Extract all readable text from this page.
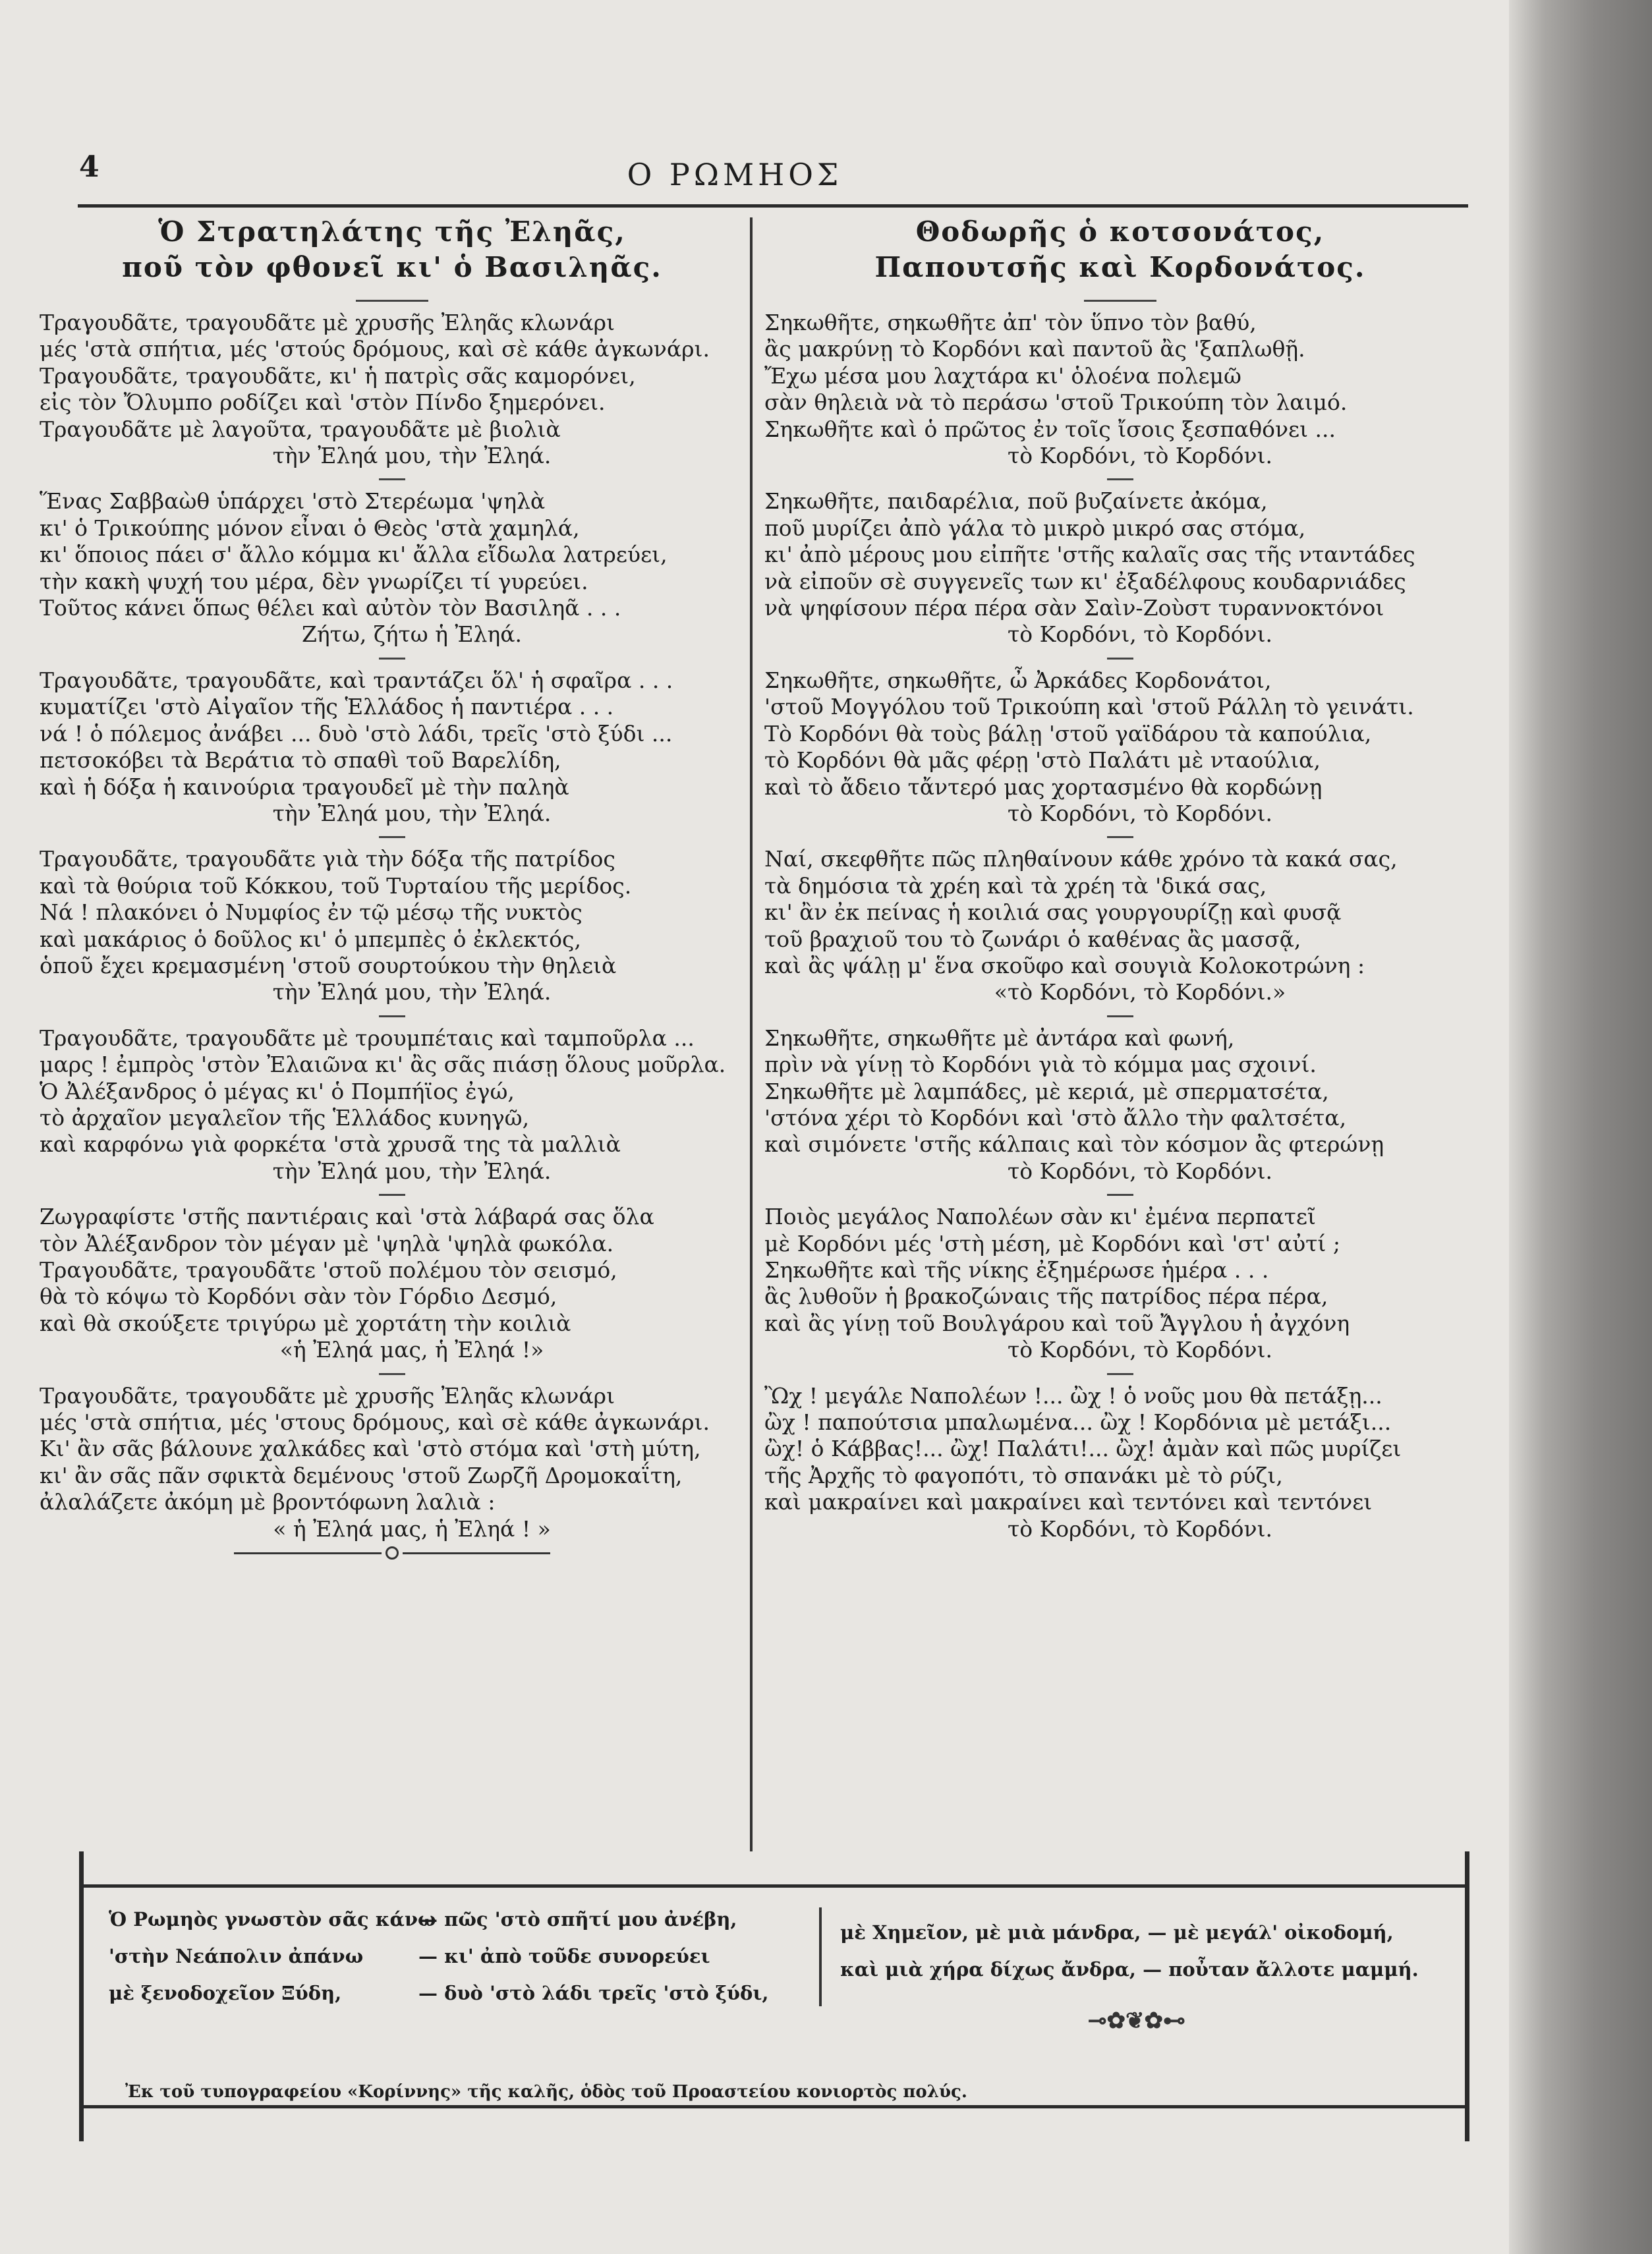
4	Ο ΡΩΜΗΟΣ
Ὁ Στρατηλάτης τῆς Ἐληᾶς,
ποῦ τὸν φθονεῖ κι' ὁ Βασιληᾶς.
Τραγουδᾶτε, τραγουδᾶτε μὲ χρυσῆς Ἐληᾶς κλωνάρι
μές 'στὰ σπήτια, μές 'στούς δρόμους, καὶ σὲ κάθε ἀγκωνάρι.
Τραγουδᾶτε, τραγουδᾶτε, κι' ἡ πατρὶς σᾶς καμορόνει,
εἰς τὸν Ὄλυμπο ροδίζει καὶ 'στὸν Πίνδο ξημερόνει.
Τραγουδᾶτε μὲ λαγοῦτα, τραγουδᾶτε μὲ βιολιὰ
τὴν Ἐληά μου, τὴν Ἐληά.
Ἕνας Σαββαὼθ ὑπάρχει 'στὸ Στερέωμα 'ψηλὰ
κι' ὁ Τρικούπης μόνον εἶναι ὁ Θεὸς 'στὰ χαμηλά,
κι' ὅποιος πάει σ' ἄλλο κόμμα κι' ἄλλα εἴδωλα λατρεύει,
τὴν κακὴ ψυχή του μέρα, δὲν γνωρίζει τί γυρεύει.
Τοῦτος κάνει ὅπως θέλει καὶ αὐτὸν τὸν Βασιληᾶ . . .
Ζήτω, ζήτω ἡ Ἐληά.
Τραγουδᾶτε, τραγουδᾶτε, καὶ τραντάζει ὅλ' ἡ σφαῖρα . . .
κυματίζει 'στὸ Αἰγαῖον τῆς Ἑλλάδος ἡ παντιέρα . . .
νά ! ὁ πόλεμος ἀνάβει ... δυὸ 'στὸ λάδι, τρεῖς 'στὸ ξύδι ...
πετσοκόβει τὰ Βεράτια τὸ σπαθὶ τοῦ Βαρελίδη,
καὶ ἡ δόξα ἡ καινούρια τραγουδεῖ μὲ τὴν παληὰ
τὴν Ἐληά μου, τὴν Ἐληά.
Τραγουδᾶτε, τραγουδᾶτε γιὰ τὴν δόξα τῆς πατρίδος
καὶ τὰ θούρια τοῦ Κόκκου, τοῦ Τυρταίου τῆς μερίδος.
Νά ! πλακόνει ὁ Νυμφίος ἐν τῷ μέσῳ τῆς νυκτὸς
καὶ μακάριος ὁ δοῦλος κι' ὁ μπεμπὲς ὁ ἐκλεκτός,
ὁποῦ ἔχει κρεμασμένη 'στοῦ σουρτούκου τὴν θηλειὰ
τὴν Ἐληά μου, τὴν Ἐληά.
Τραγουδᾶτε, τραγουδᾶτε μὲ τρουμπέταις καὶ ταμποῦρλα ...
μαρς ! ἐμπρὸς 'στὸν Ἐλαιῶνα κι' ἂς σᾶς πιάσῃ ὅλους μοῦρλα.
Ὁ Ἀλέξανδρος ὁ μέγας κι' ὁ Πομπήϊος ἐγώ,
τὸ ἀρχαῖον μεγαλεῖον τῆς Ἑλλάδος κυνηγῶ,
καὶ καρφόνω γιὰ φορκέτα 'στὰ χρυσᾶ της τὰ μαλλιὰ
τὴν Ἐληά μου, τὴν Ἐληά.
Ζωγραφίστε 'στῆς παντιέραις καὶ 'στὰ λάβαρά σας ὅλα
τὸν Ἀλέξανδρον τὸν μέγαν μὲ 'ψηλὰ 'ψηλὰ φωκόλα.
Τραγουδᾶτε, τραγουδᾶτε 'στοῦ πολέμου τὸν σεισμό,
θὰ τὸ κόψω τὸ Κορδόνι σὰν τὸν Γόρδιο Δεσμό,
καὶ θὰ σκούξετε τριγύρω μὲ χορτάτη τὴν κοιλιὰ
«ἡ Ἐληά μας, ἡ Ἐληά !»
Τραγουδᾶτε, τραγουδᾶτε μὲ χρυσῆς Ἐληᾶς κλωνάρι
μές 'στὰ σπήτια, μές 'στους δρόμους, καὶ σὲ κάθε ἀγκωνάρι.
Κι' ἂν σᾶς βάλουνε χαλκάδες καὶ 'στὸ στόμα καὶ 'στὴ μύτη,
κι' ἂν σᾶς πᾶν σφικτὰ δεμένους 'στοῦ Ζωρζῆ Δρομοκαΐτη,
ἀλαλάζετε ἀκόμη μὲ βροντόφωνη λαλιὰ :
« ἡ Ἐληά μας, ἡ Ἐληά ! »
Θοδωρῆς ὁ κοτσονάτος,
Παπουτσῆς καὶ Κορδονάτος.
Σηκωθῆτε, σηκωθῆτε ἀπ' τὸν ὕπνο τὸν βαθύ,
ἂς μακρύνῃ τὸ Κορδόνι καὶ παντοῦ ἂς 'ξαπλωθῇ.
Ἔχω μέσα μου λαχτάρα κι' ὁλοένα πολεμῶ
σὰν θηλειὰ νὰ τὸ περάσω 'στοῦ Τρικούπη τὸν λαιμό.
Σηκωθῆτε καὶ ὁ πρῶτος ἐν τοῖς ἴσοις ξεσπαθόνει ...
τὸ Κορδόνι, τὸ Κορδόνι.
Σηκωθῆτε, παιδαρέλια, ποῦ βυζαίνετε ἀκόμα,
ποῦ μυρίζει ἀπὸ γάλα τὸ μικρὸ μικρό σας στόμα,
κι' ἀπὸ μέρους μου εἰπῆτε 'στῆς καλαῖς σας τῆς νταντάδες
νὰ εἰποῦν σὲ συγγενεῖς των κι' ἐξαδέλφους κουδαρνιάδες
νὰ ψηφίσουν πέρα πέρα σὰν Σαὶν-Ζοὺστ τυραννοκτόνοι
τὸ Κορδόνι, τὸ Κορδόνι.
Σηκωθῆτε, σηκωθῆτε, ὦ Ἀρκάδες Κορδονάτοι,
'στοῦ Μογγόλου τοῦ Τρικούπη καὶ 'στοῦ Ράλλη τὸ γεινάτι.
Τὸ Κορδόνι θὰ τοὺς βάλῃ 'στοῦ γαϊδάρου τὰ καπούλια,
τὸ Κορδόνι θὰ μᾶς φέρῃ 'στὸ Παλάτι μὲ νταούλια,
καὶ τὸ ἄδειο τἄντερό μας χορτασμένο θὰ κορδώνῃ
τὸ Κορδόνι, τὸ Κορδόνι.
Ναί, σκεφθῆτε πῶς πληθαίνουν κάθε χρόνο τὰ κακά σας,
τὰ δημόσια τὰ χρέη καὶ τὰ χρέη τὰ 'δικά σας,
κι' ἂν ἐκ πείνας ἡ κοιλιά σας γουργουρίζῃ καὶ φυσᾷ
τοῦ βραχιοῦ του τὸ ζωνάρι ὁ καθένας ἂς μασσᾷ,
καὶ ἂς ψάλῃ μ' ἕνα σκοῦφο καὶ σουγιὰ Κολοκοτρώνη :
«τὸ Κορδόνι, τὸ Κορδόνι.»
Σηκωθῆτε, σηκωθῆτε μὲ ἀντάρα καὶ φωνή,
πρὶν νὰ γίνῃ τὸ Κορδόνι γιὰ τὸ κόμμα μας σχοινί.
Σηκωθῆτε μὲ λαμπάδες, μὲ κεριά, μὲ σπερματσέτα,
'στόνα χέρι τὸ Κορδόνι καὶ 'στὸ ἄλλο τὴν φαλτσέτα,
καὶ σιμόνετε 'στῆς κάλπαις καὶ τὸν κόσμον ἂς φτερώνῃ
τὸ Κορδόνι, τὸ Κορδόνι.
Ποιὸς μεγάλος Ναπολέων σὰν κι' ἐμένα περπατεῖ
μὲ Κορδόνι μές 'στὴ μέση, μὲ Κορδόνι καὶ 'στ' αὐτί ;
Σηκωθῆτε καὶ τῆς νίκης ἐξημέρωσε ἡμέρα . . .
ἂς λυθοῦν ἡ βρακοζώναις τῆς πατρίδος πέρα πέρα,
καὶ ἂς γίνῃ τοῦ Βουλγάρου καὶ τοῦ Ἄγγλου ἡ ἀγχόνη
τὸ Κορδόνι, τὸ Κορδόνι.
Ὢχ ! μεγάλε Ναπολέων !... ὢχ ! ὁ νοῦς μου θὰ πετάξῃ...
ὢχ ! παπούτσια μπαλωμένα... ὢχ ! Κορδόνια μὲ μετάξι...
ὢχ! ὁ Κάββας!... ὢχ! Παλάτι!... ὢχ! ἀμὰν καὶ πῶς μυρίζει
τῆς Ἀρχῆς τὸ φαγοπότι, τὸ σπανάκι μὲ τὸ ρύζι,
καὶ μακραίνει καὶ μακραίνει καὶ τεντόνει καὶ τεντόνει
τὸ Κορδόνι, τὸ Κορδόνι.
Ὁ Ρωμηὸς γνωστὸν σᾶς κάνω
— πῶς 'στὸ σπῆτί μου ἀνέβη,
'στὴν Νεάπολιν ἀπάνω	— κι' ἀπὸ τοῦδε συνορεύει
μὲ ξενοδοχεῖον Ξύδη,	— δυὸ 'στὸ λάδι τρεῖς 'στὸ ξύδι,
μὲ Χημεῖον, μὲ μιὰ μάνδρα, — μὲ μεγάλ' οἰκοδομή,
καὶ μιὰ χήρα δίχως ἄνδρα, — ποὖταν ἄλλοτε μαμμή.
⊸✿❦✿⊷
Ἐκ τοῦ τυπογραφείου «Κορίννης» τῆς καλῆς, ὁδὸς τοῦ Προαστείου κονιορτὸς πολύς.
